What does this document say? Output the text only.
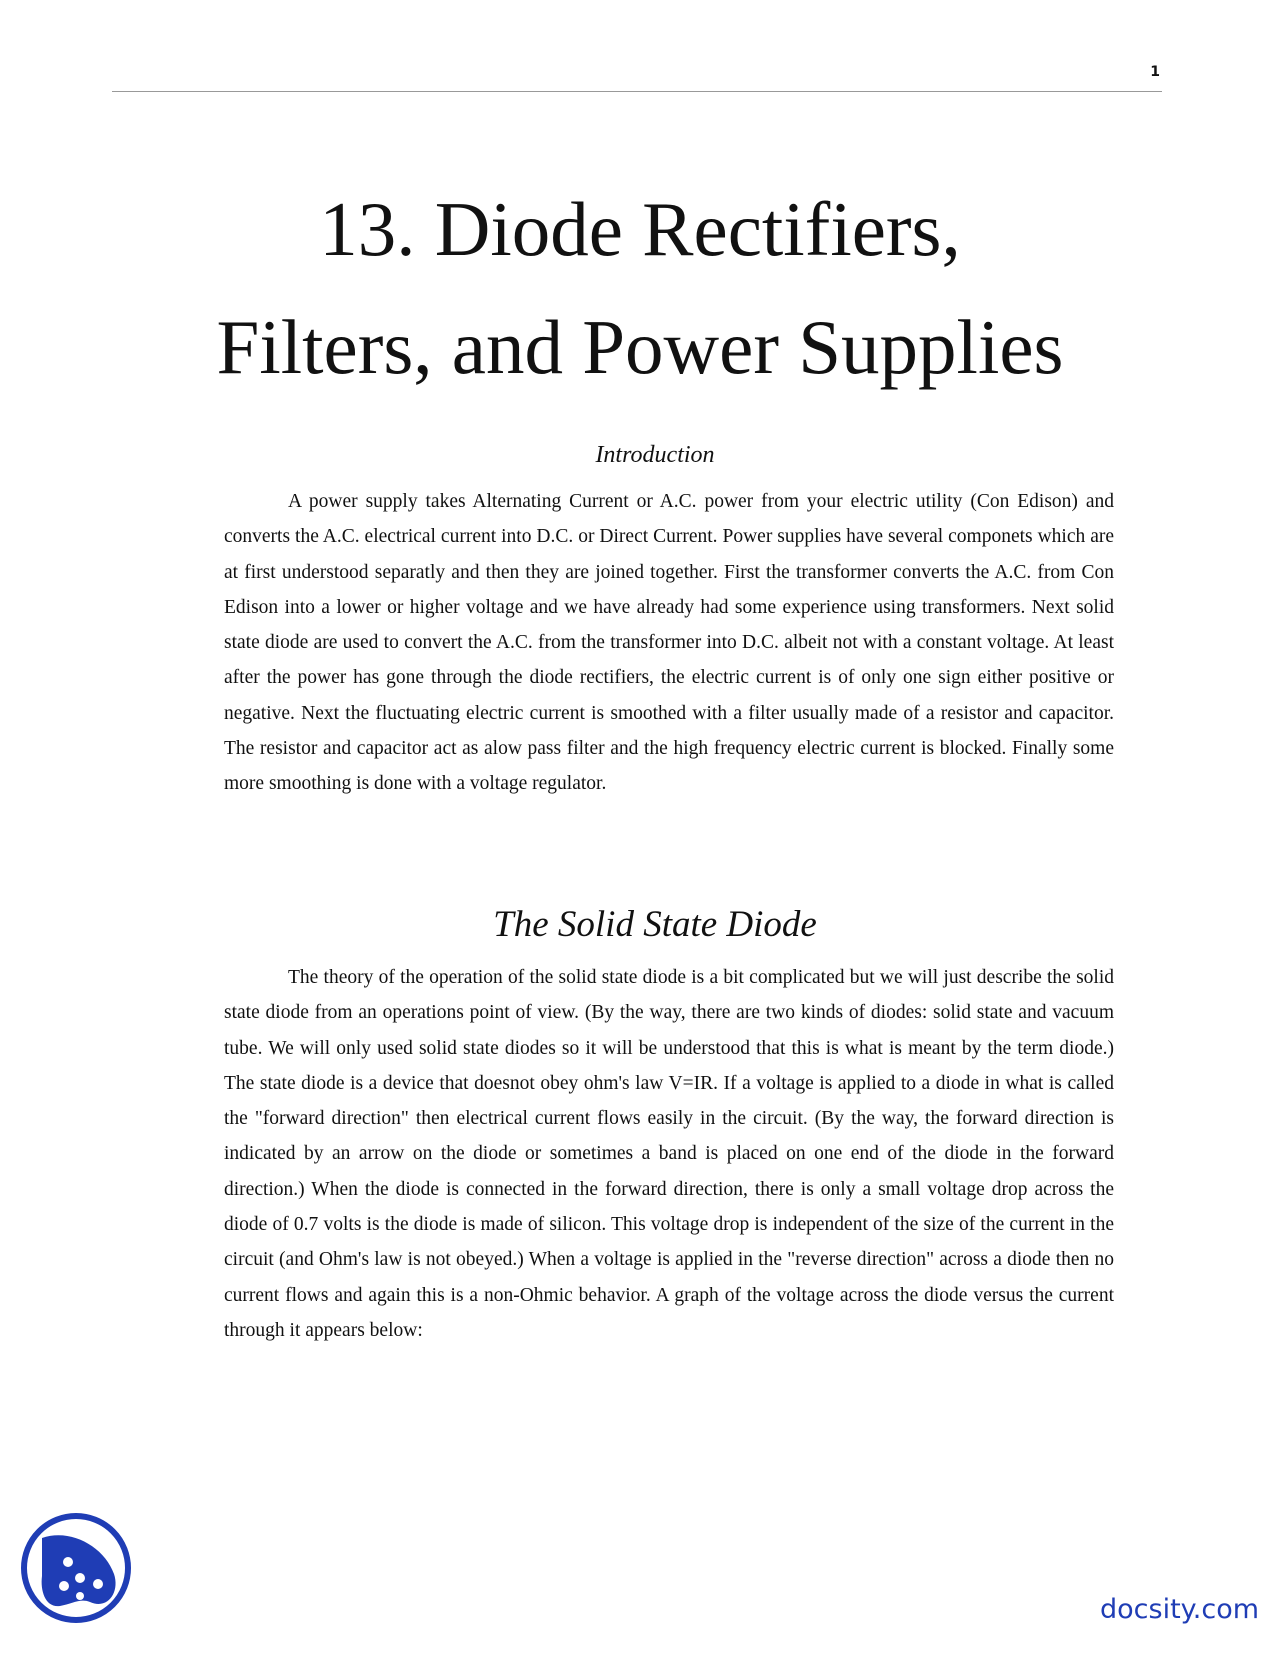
1
13. Diode Rectifiers,
Filters, and Power Supplies
Introduction

A power supply takes Alternating Current or A.C. power from your electric utility (Con Edison) and converts the A.C. electrical current into D.C. or Direct Current. Power supplies have several componets which are at first understood separatly and then they are joined together. First the transformer converts the A.C. from Con Edison into a lower or higher voltage and we have already had some experience using transformers. Next solid state diode are used to convert the A.C. from the transformer into D.C. albeit not with a constant voltage. At least after the power has gone through the diode rectifiers, the electric current is of only one sign either positive or negative. Next the fluctuating electric current is smoothed with a filter usually made of a resistor and capacitor. The resistor and capacitor act as alow pass filter and the high frequency electric current is blocked. Finally some more smoothing is done with a voltage regulator.

The Solid State Diode

The theory of the operation of the solid state diode is a bit complicated but we will just describe the solid state diode from an operations point of view. (By the way, there are two kinds of diodes: solid state and vacuum tube. We will only used solid state diodes so it will be understood that this is what is meant by the term diode.) The state diode is a device that doesnot obey ohm's law V=IR. If a voltage is applied to a diode in what is called the "forward direction" then electrical current flows easily in the circuit. (By the way, the forward direction is indicated by an arrow on the diode or sometimes a band is placed on one end of the diode in the forward direction.) When the diode is connected in the forward direction, there is only a small voltage drop across the diode of 0.7 volts is the diode is made of silicon. This voltage drop is independent of the size of the current in the circuit (and Ohm's law is not obeyed.) When a voltage is applied in the "reverse direction" across a diode then no current flows and again this is a non-Ohmic behavior. A graph of the voltage across the diode versus the current through it appears below:

docsity.com
